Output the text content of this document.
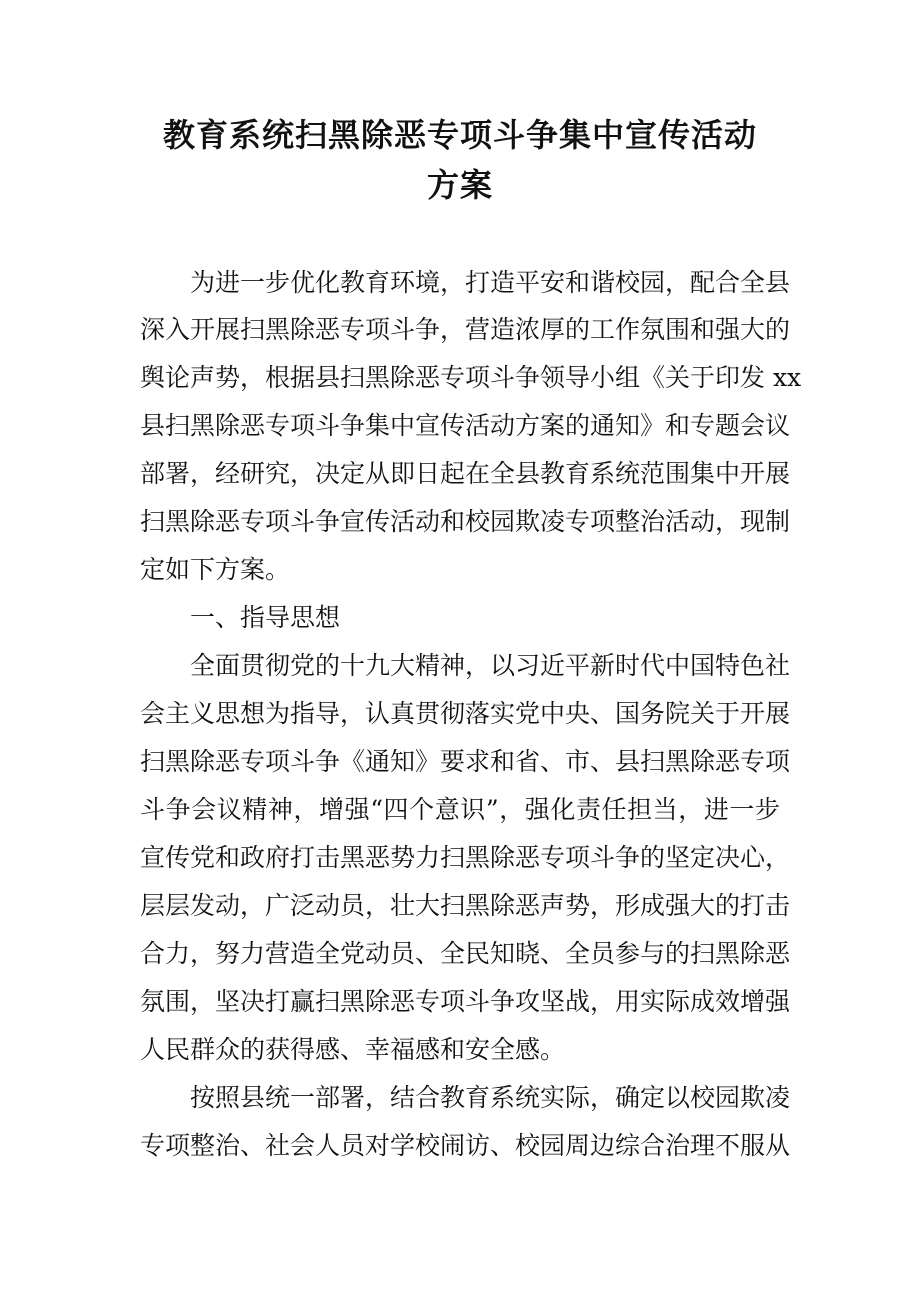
教育系统扫黑除恶专项斗争集中宣传活动
方案

为进一步优化教育环境，打造平安和谐校园，配合全县

深入开展扫黑除恶专项斗争，营造浓厚的工作氛围和强大的

舆论声势，根据县扫黑除恶专项斗争领导小组《关于印发 xx

县扫黑除恶专项斗争集中宣传活动方案的通知》和专题会议

部署，经研究，决定从即日起在全县教育系统范围集中开展

扫黑除恶专项斗争宣传活动和校园欺凌专项整治活动，现制

定如下方案。

一、指导思想

全面贯彻党的十九大精神，以习近平新时代中国特色社

会主义思想为指导，认真贯彻落实党中央、国务院关于开展

扫黑除恶专项斗争《通知》要求和省、市、县扫黑除恶专项

斗争会议精神，增强“四个意识”，强化责任担当，进一步

宣传党和政府打击黑恶势力扫黑除恶专项斗争的坚定决心，

层层发动，广泛动员，壮大扫黑除恶声势，形成强大的打击

合力，努力营造全党动员、全民知晓、全员参与的扫黑除恶

氛围，坚决打赢扫黑除恶专项斗争攻坚战，用实际成效增强

人民群众的获得感、幸福感和安全感。

按照县统一部署，结合教育系统实际，确定以校园欺凌

专项整治、社会人员对学校闹访、校园周边综合治理不服从
